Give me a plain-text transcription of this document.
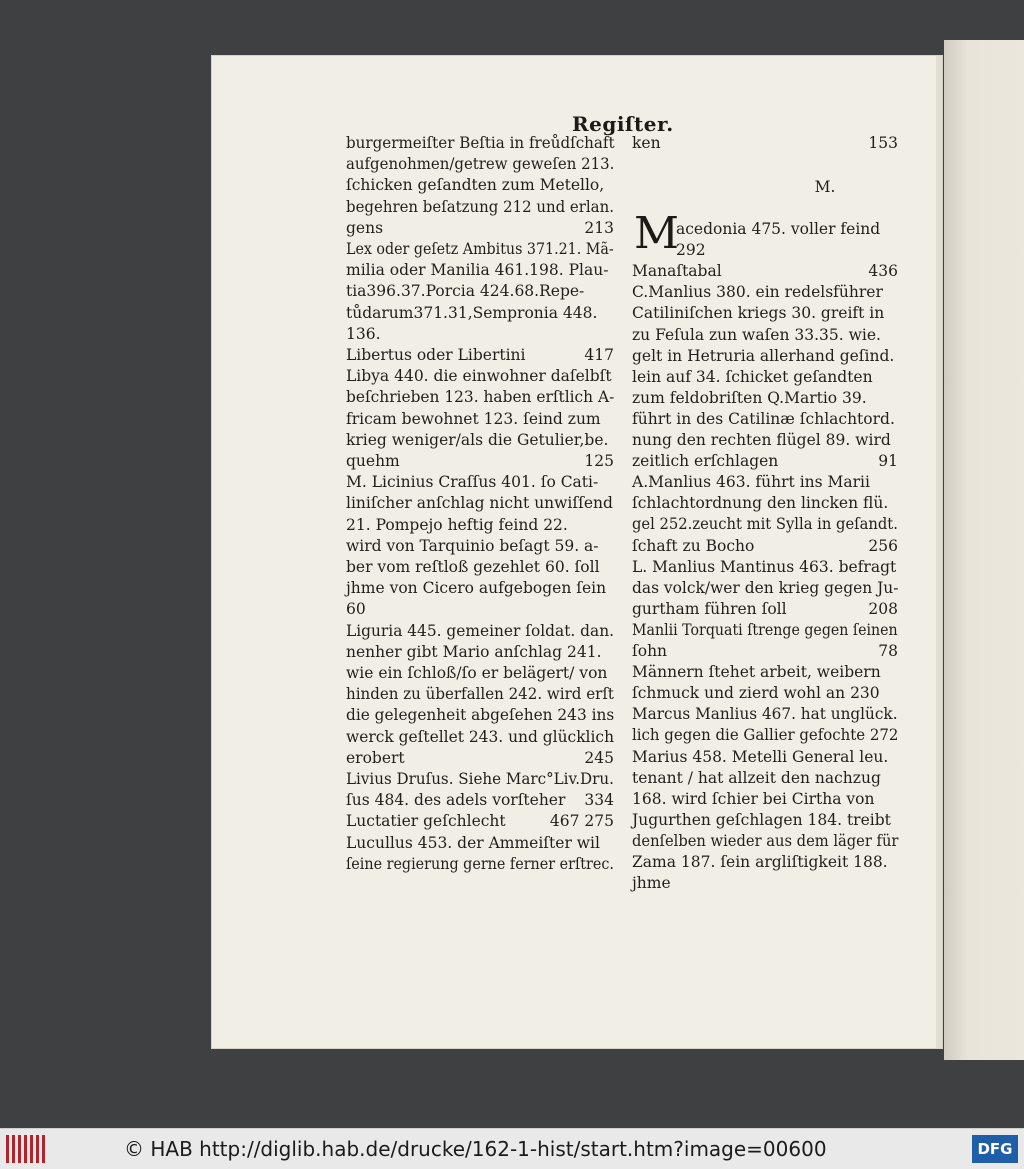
Regiſter.
burgermeiſter Beſtia in freůdſchaft
aufgenohmen/getrew geweſen 213.
ſchicken geſandten zum Metello,
begehren beſatzung 212 und erlan.
gens	213
Lex oder geſetz Ambitus 371.21. Mã-
milia oder Manilia 461.198. Plau-
tia396.37.Porcia 424.68.Repe-
tůdarum371.31,Sempronia 448.
136.
Libertus oder Libertini	417
Libya 440. die einwohner daſelbſt
beſchrieben 123. haben erſtlich A-
fricam bewohnet 123. ſeind zum
krieg weniger/als die Getulier,be.
quehm	125
M. Licinius Craſſus 401. ſo Cati-
liniſcher anſchlag nicht unwiſſend
21. Pompejo heftig feind 22.
wird von Tarquinio beſagt 59. a-
ber vom reſtloß gezehlet 60. ſoll
jhme von Cicero aufgebogen ſein
60
Liguria 445. gemeiner ſoldat. dan.
nenher gibt Mario anſchlag 241.
wie ein ſchloß/ſo er belägert/ von
hinden zu überfallen 242. wird erſt
die gelegenheit abgeſehen 243 ins
werck geſtellet 243. und glücklich
erobert	245
Livius Druſus. Siehe Marc°Liv.Dru.
ſus 484. des adels vorſteher 334
Luctatier geſchlecht	467 275
Lucullus 453. der Ammeiſter wil
ſeine regierung gerne ferner erſtrec.
ken	153
M.
acedonia 475. voller feind
292
Manaſtabal	436
C.Manlius 380. ein redelsführer
Catiliniſchen kriegs 30. greift in
zu Feſula zun waſen 33.35. wie.
gelt in Hetruria allerhand geſind.
lein auf 34. ſchicket geſandten
zum feldobriſten Q.Martio 39.
führt in des Catilinæ ſchlachtord.
nung den rechten flügel 89. wird
zeitlich erſchlagen	91
A.Manlius 463. führt ins Marii
ſchlachtordnung den lincken flü.
gel 252.zeucht mit Sylla in geſandt.
ſchaft zu Bocho	256
L. Manlius Mantinus 463. befragt
das volck/wer den krieg gegen Ju-
gurtham führen ſoll	208
Manlii Torquati ſtrenge gegen ſeinen
ſohn	78
Männern ſtehet arbeit, weibern
ſchmuck und zierd wohl an 230
Marcus Manlius 467. hat unglück.
lich gegen die Gallier gefochte 272
Marius 458. Metelli General leu.
tenant / hat allzeit den nachzug
168. wird ſchier bei Cirtha von
Jugurthen geſchlagen 184. treibt
denſelben wieder aus dem läger für
Zama 187. ſein argliſtigkeit 188.
jhme
M
© HAB http://diglib.hab.de/drucke/162-1-hist/start.htm?image=00600	DFG
